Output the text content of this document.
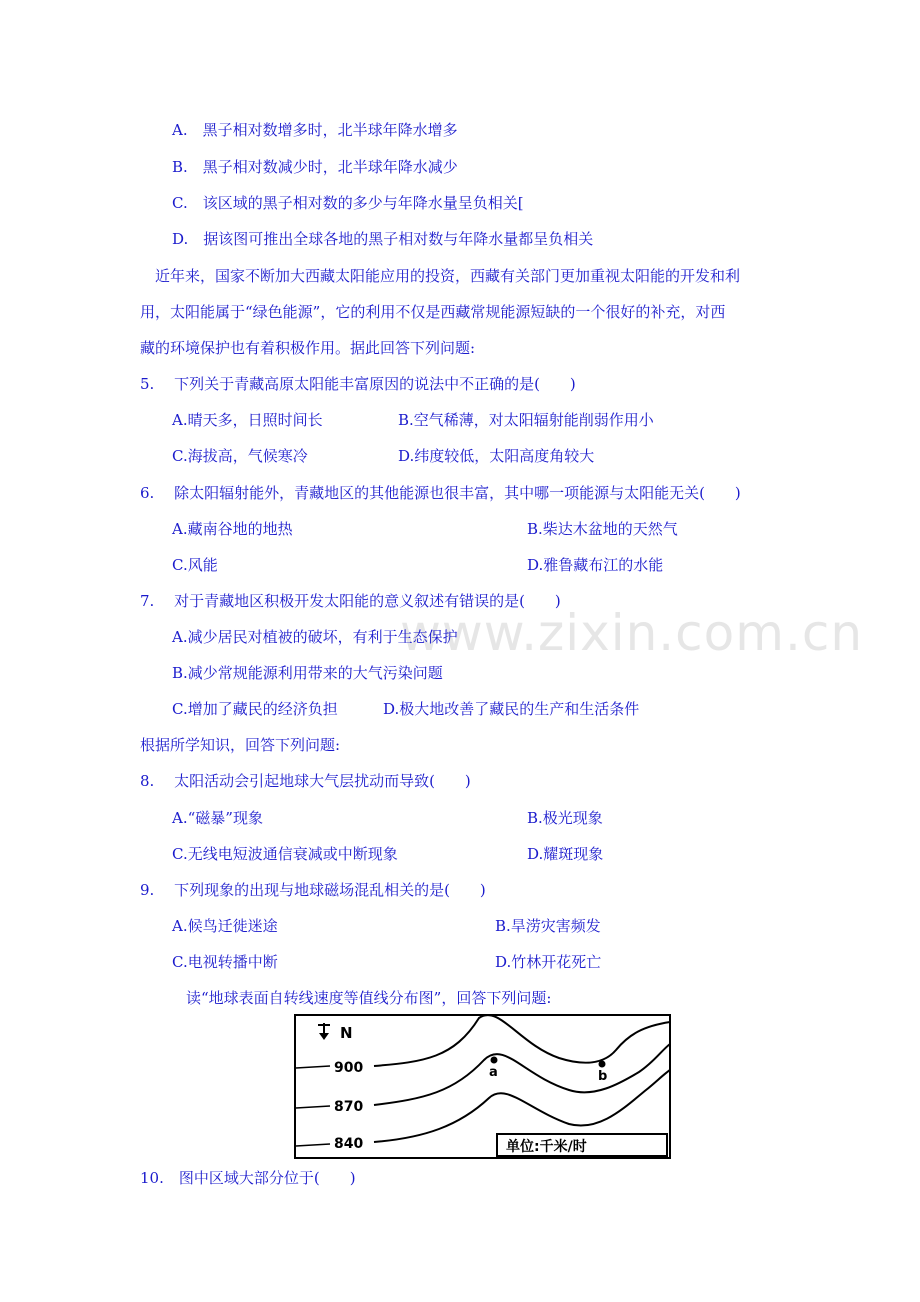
www.zixin.com.cn
A.　黑子相对数增多时，北半球年降水增多
B.　黑子相对数减少时，北半球年降水减少
C.　该区域的黑子相对数的多少与年降水量呈负相关[
D.　据该图可推出全球各地的黑子相对数与年降水量都呈负相关
近年来，国家不断加大西藏太阳能应用的投资，西藏有关部门更加重视太阳能的开发和利
用，太阳能属于“绿色能源”，它的利用不仅是西藏常规能源短缺的一个很好的补充，对西
藏的环境保护也有着积极作用。据此回答下列问题:
5.　 下列关于青藏高原太阳能丰富原因的说法中不正确的是(　　)
A.晴天多，日照时间长	B.空气稀薄，对太阳辐射能削弱作用小
C.海拔高，气候寒冷	D.纬度较低，太阳高度角较大
6.　 除太阳辐射能外，青藏地区的其他能源也很丰富，其中哪一项能源与太阳能无关(　　)
A.藏南谷地的地热	B.柴达木盆地的天然气
C.风能	D.雅鲁藏布江的水能
7.　 对于青藏地区积极开发太阳能的意义叙述有错误的是(　　)
A.减少居民对植被的破坏，有利于生态保护
B.减少常规能源利用带来的大气污染问题
C.增加了藏民的经济负担	D.极大地改善了藏民的生产和生活条件
根据所学知识，回答下列问题:
8.　 太阳活动会引起地球大气层扰动而导致(　　)
A.“磁暴”现象	B.极光现象
C.无线电短波通信衰减或中断现象	D.耀斑现象
9.　 下列现象的出现与地球磁场混乱相关的是(　　)
A.候鸟迁徙迷途	B.旱涝灾害频发
C.电视转播中断	D.竹林开花死亡
读“地球表面自转线速度等值线分布图”，回答下列问题:
N
900
870
840
a	b
单位:千米/时
10.　图中区域大部分位于(　　)
